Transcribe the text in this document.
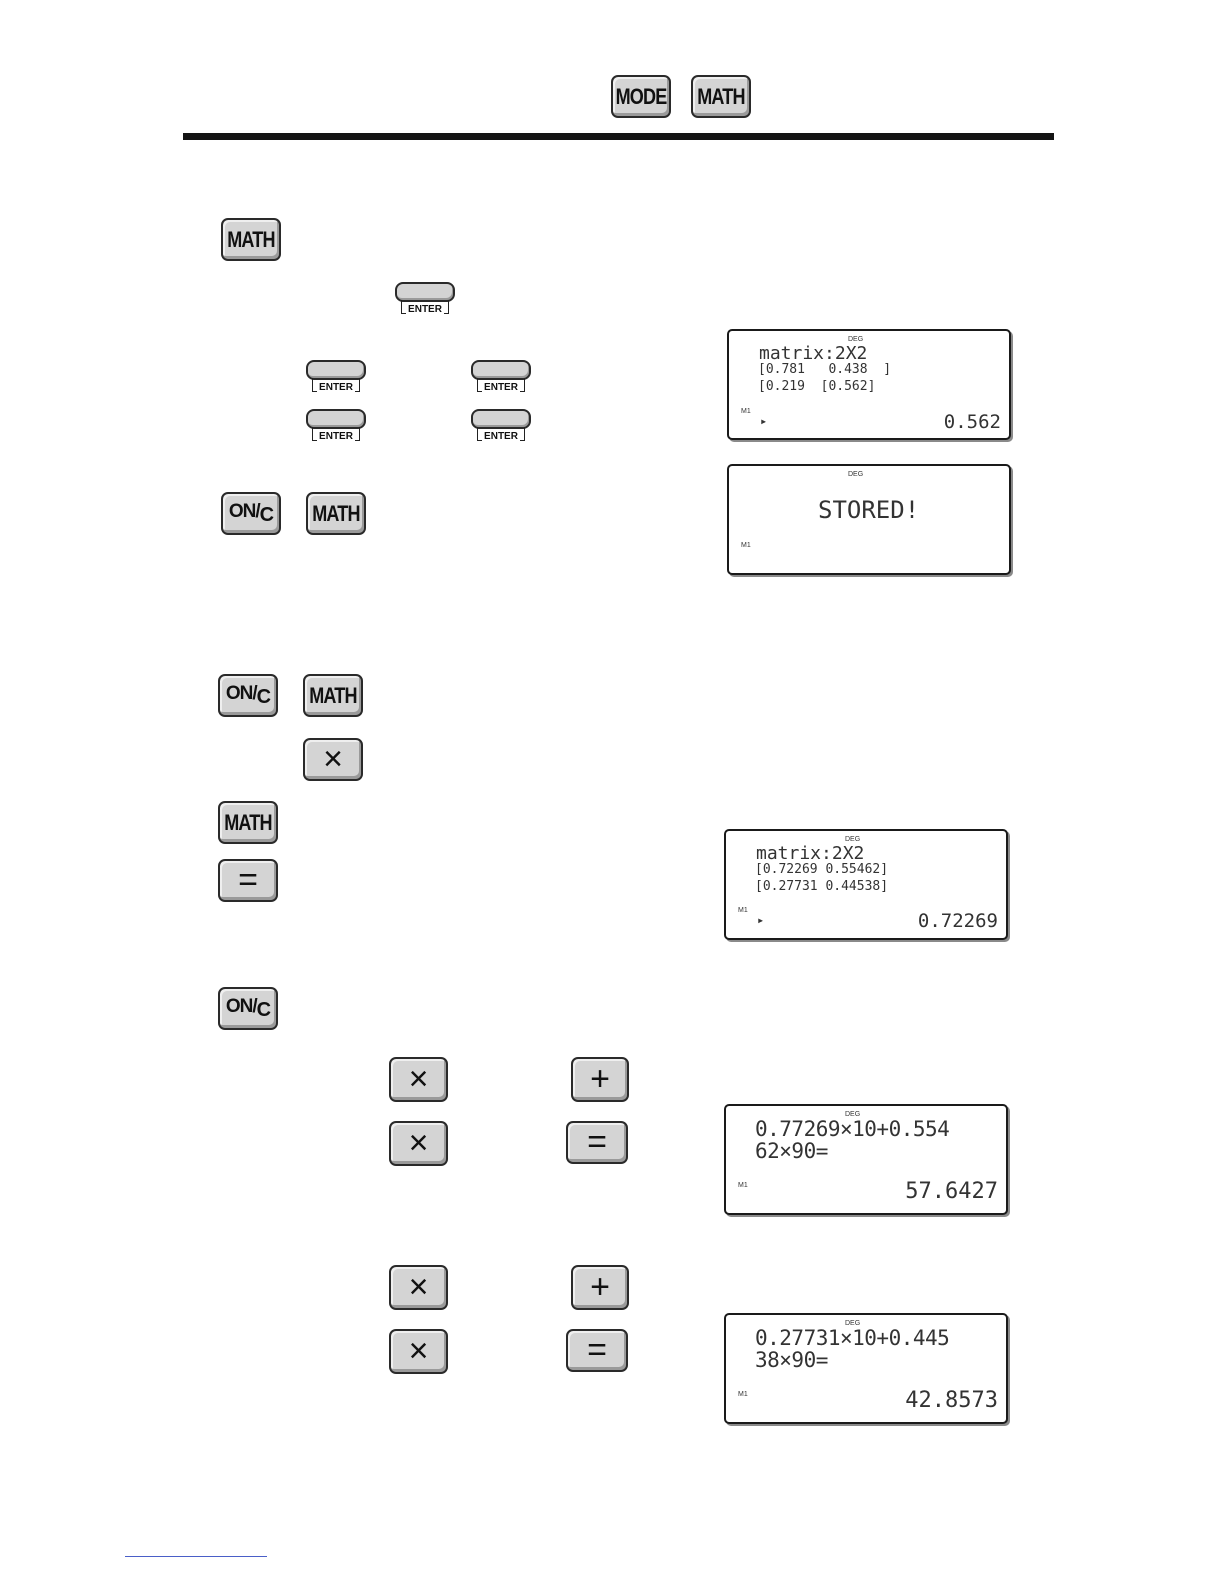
MODE MATH
MATH
ENTER
ENTER	ENTER
ENTER	ENTER
$ON/_C$ MATH
DEG
matrix:2X2
[0.781   0.438  ]
[0.219  [0.562]
M1
▸	0.562
DEG
STORED!
M1
$ON/_C$ MATH
×
MATH
=
DEG
matrix:2X2
[0.72269 0.55462]
[0.27731 0.44538]
M1
▸	0.72269
$ON/_C$
×	+
×	=
DEG
0.77269×10+0.554
62×90=
M1	57.6427
×	+
×	=
DEG
0.27731×10+0.445
38×90=
M1	42.8573
